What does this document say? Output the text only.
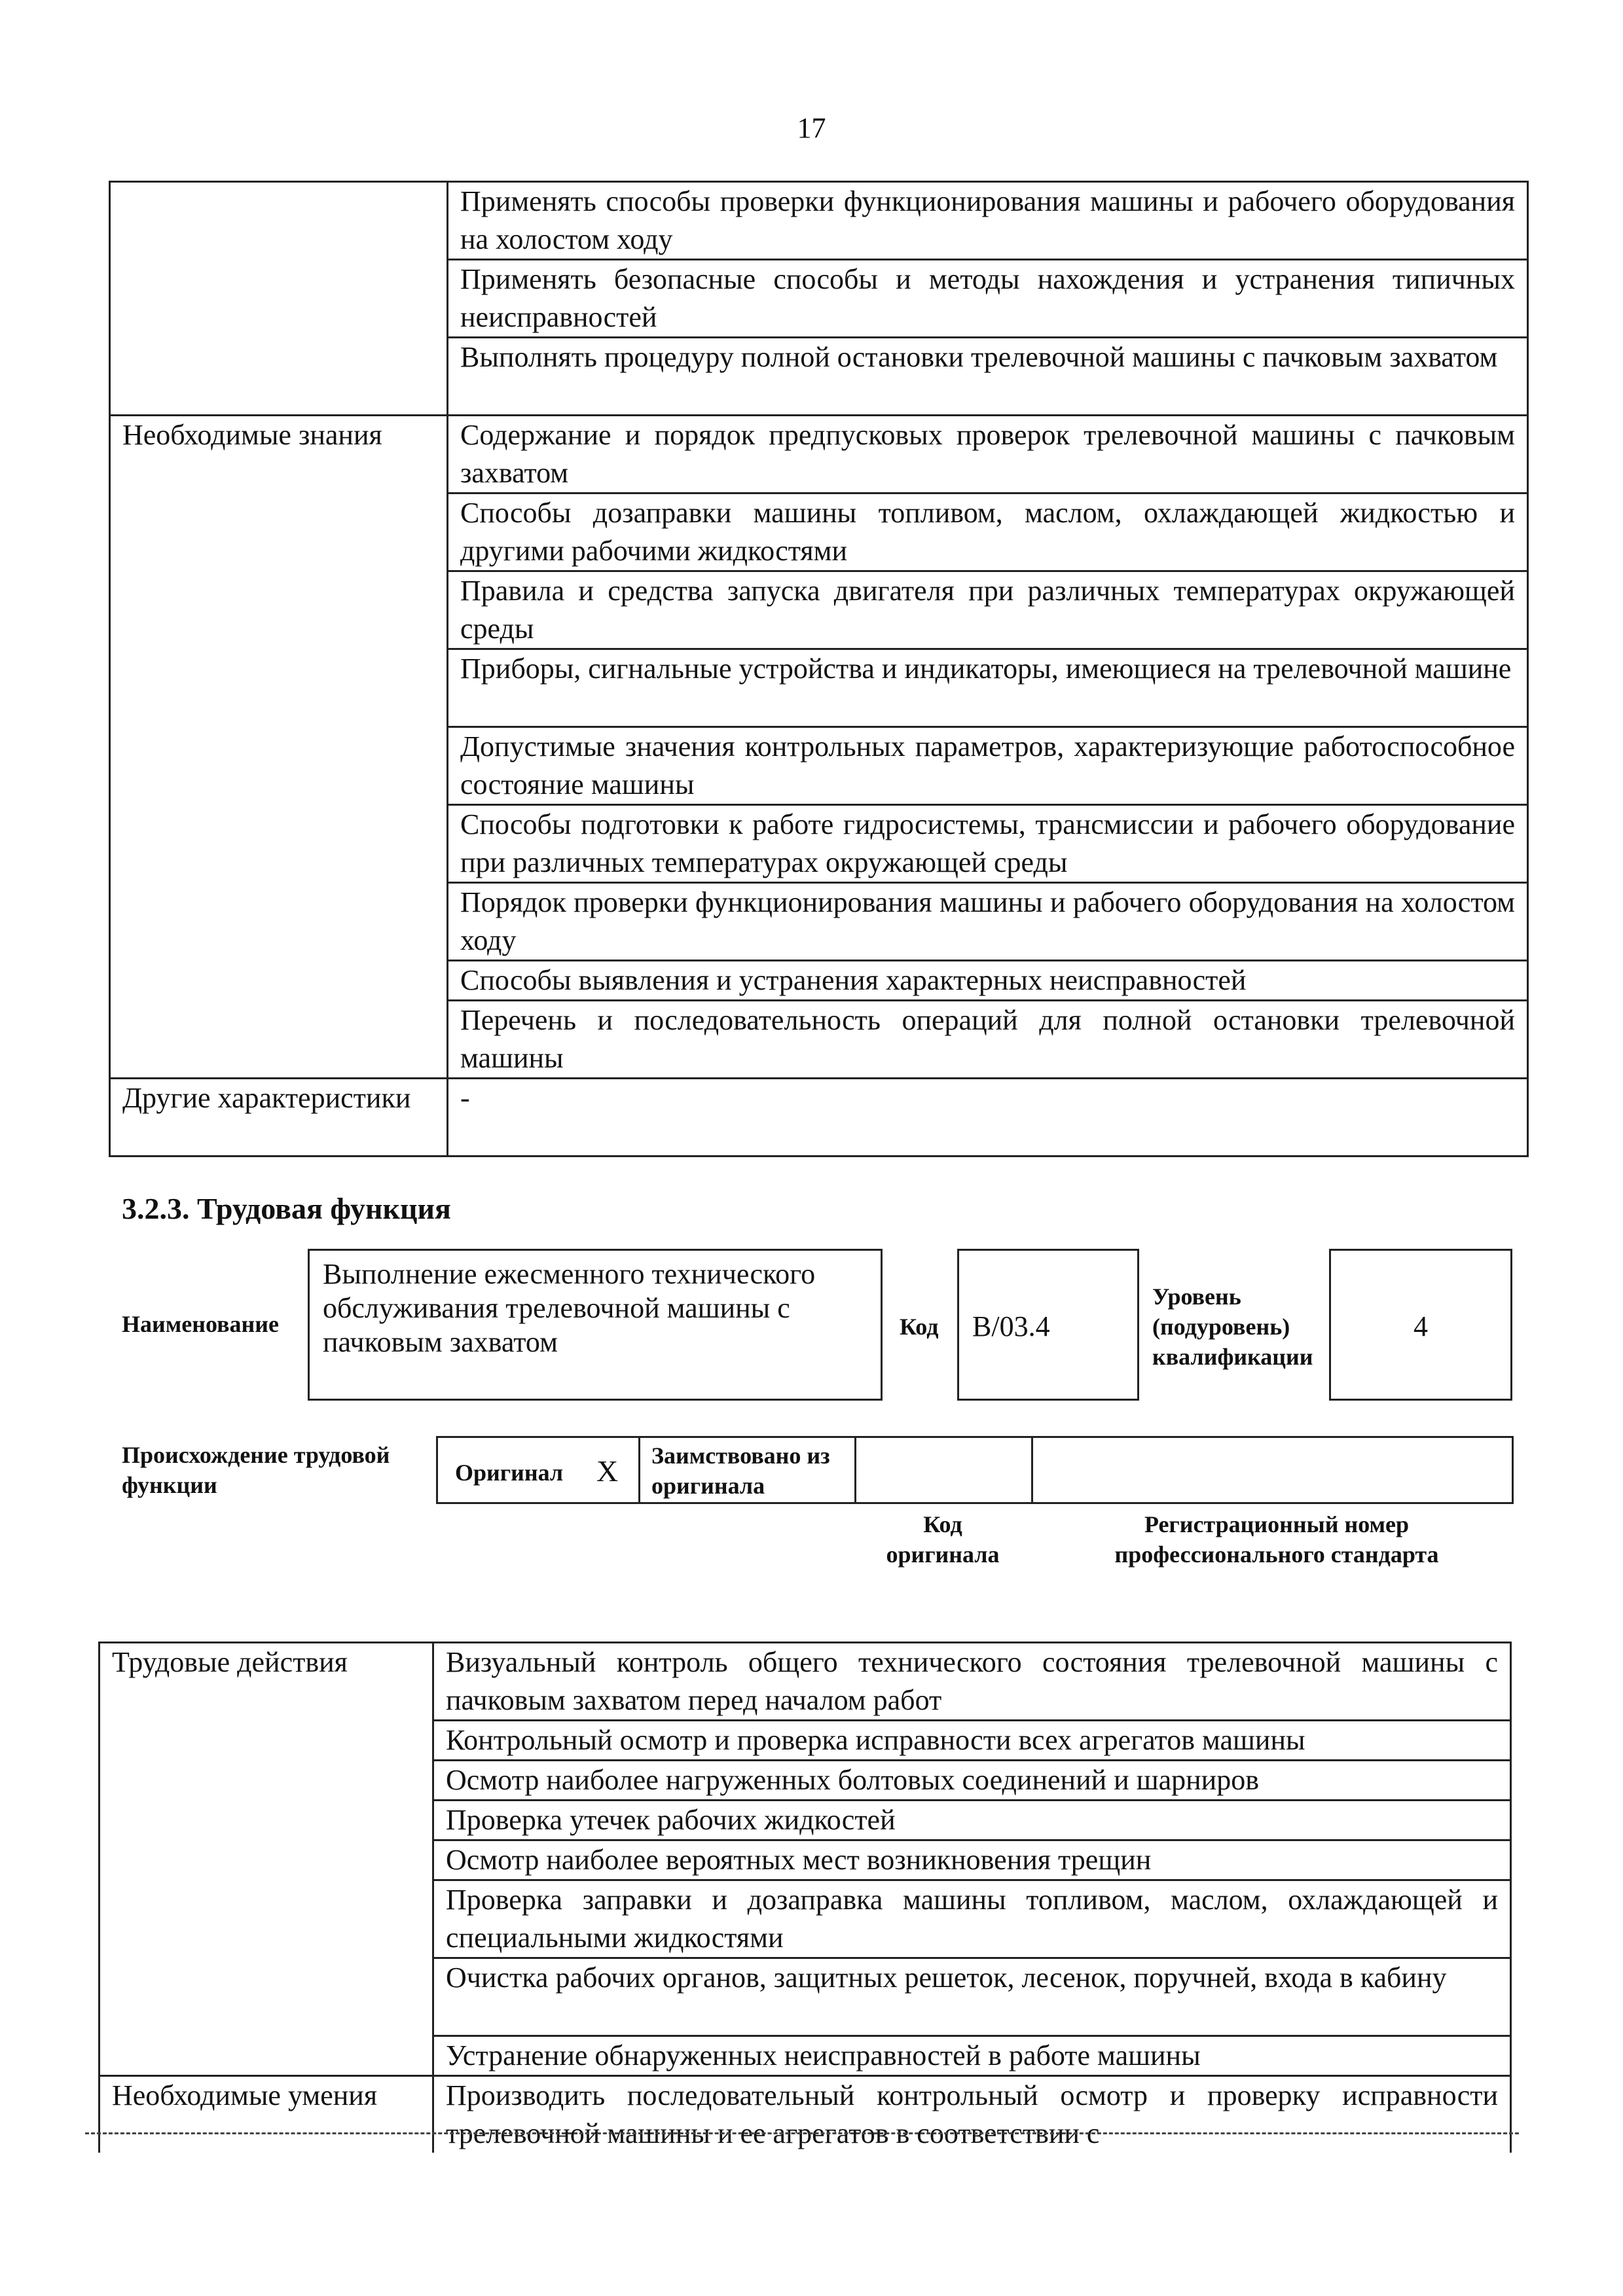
17
	Применять способы проверки функционирования машины и рабочего оборудования на холостом ходу
	Применять безопасные способы и методы нахождения и устранения типичных неисправностей
	Выполнять процедуру полной остановки трелевочной машины с пачковым захватом
Необходимые знания	Содержание и порядок предпусковых проверок трелевочной машины с пачковым захватом
	Способы дозаправки машины топливом, маслом, охлаждающей жидкостью и другими рабочими жидкостями
	Правила и средства запуска двигателя при различных температурах окружающей среды
	Приборы, сигнальные устройства и индикаторы, имеющиеся на трелевочной машине
	Допустимые значения контрольных параметров, характеризующие работоспособное состояние машины
	Способы подготовки к работе гидросистемы, трансмиссии и рабочего оборудование при различных температурах окружающей среды
	Порядок проверки функционирования машины и рабочего оборудования на холостом ходу
	Способы выявления и устранения характерных неисправностей
	Перечень и последовательность операций для полной остановки трелевочной машины
Другие характеристики	-
3.2.3. Трудовая функция
Наименование
Выполнение ежесменного технического обслуживания трелевочной машины с пачковым захватом	Код B/03.4
Уровень (подуровень) квалификации
4
Происхождение трудовой функции	Оригинал X Заимствовано из оригинала
Код оригинала
Регистрационный номер профессионального стандарта
Трудовые действия	Визуальный контроль общего технического состояния трелевочной машины с пачковым захватом перед началом работ
	Контрольный осмотр и проверка исправности всех агрегатов машины
	Осмотр наиболее нагруженных болтовых соединений и шарниров
	Проверка утечек рабочих жидкостей
	Осмотр наиболее вероятных мест возникновения трещин
	Проверка заправки и дозаправка машины топливом, маслом, охлаждающей и специальными жидкостями
	Очистка рабочих органов, защитных решеток, лесенок, поручней, входа в кабину
	Устранение обнаруженных неисправностей в работе машины
Необходимые умения	Производить последовательный контрольный осмотр и проверку исправности трелевочной машины и ее агрегатов в соответствии с
